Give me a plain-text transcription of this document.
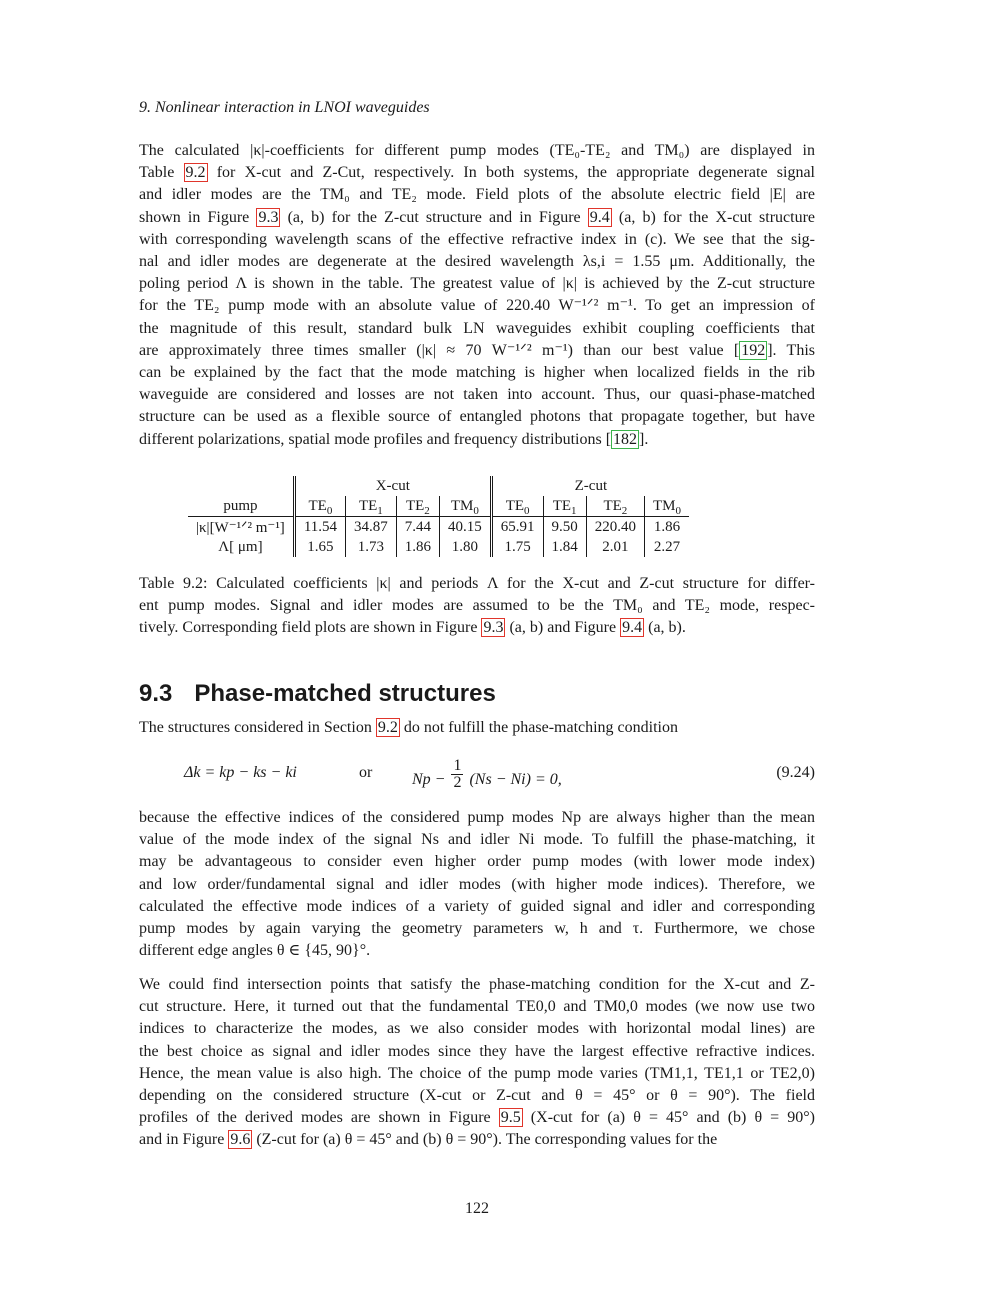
9. Nonlinear interaction in LNOI waveguides
The calculated |κ|-coefficients for different pump modes (TE₀-TE₂ and TM₀) are displayed in
Table 9.2 for X-cut and Z-Cut, respectively. In both systems, the appropriate degenerate signal
and idler modes are the TM₀ and TE₂ mode. Field plots of the absolute electric field |E| are
shown in Figure 9.3 (a, b) for the Z-cut structure and in Figure 9.4 (a, b) for the X-cut structure
with corresponding wavelength scans of the effective refractive index in (c). We see that the sig-
nal and idler modes are degenerate at the desired wavelength λs,i = 1.55 μm. Additionally, the
poling period Λ is shown in the table. The greatest value of |κ| is achieved by the Z-cut structure
for the TE₂ pump mode with an absolute value of 220.40 W⁻¹ᐟ² m⁻¹. To get an impression of
the magnitude of this result, standard bulk LN waveguides exhibit coupling coefficients that
are approximately three times smaller (|κ| ≈ 70 W⁻¹ᐟ² m⁻¹) than our best value [ 192 ]. This
can be explained by the fact that the mode matching is higher when localized fields in the rib
waveguide are considered and losses are not taken into account. Thus, our quasi-phase-matched
structure can be used as a flexible source of entangled photons that propagate together, but have
different polarizations, spatial mode profiles and frequency distributions [ 182 ].
	X-cut				Z-cut			
pump	$TE_0$	$TE_1$	$TE_2$	$TM_0$	$TE_0$	$TE_1$	$TE_2$	$TM_0$
|κ|[W⁻¹ᐟ² m⁻¹]	11.54	34.87	7.44	40.15	65.91	9.50	220.40	1.86
Λ[ μm]	1.65	1.73	1.86	1.80	1.75	1.84	2.01	2.27
Table 9.2: Calculated coefficients |κ| and periods Λ for the X-cut and Z-cut structure for differ-
ent pump modes. Signal and idler modes are assumed to be the TM₀ and TE₂ mode, respec-
tively. Corresponding field plots are shown in Figure 9.3 (a, b) and Figure 9.4 (a, b).
9.3 Phase-matched structures
The structures considered in Section 9.2 do not fulfill the phase-matching condition
Δk = kp − ks − ki	or $Np - \frac{1}{2} (Ns - Ni) = 0$,	(9.24)
because the effective indices of the considered pump modes Np are always higher than the mean
value of the mode index of the signal Ns and idler Ni mode. To fulfill the phase-matching, it
may be advantageous to consider even higher order pump modes (with lower mode index)
and low order/fundamental signal and idler modes (with higher mode indices). Therefore, we
calculated the effective mode indices of a variety of guided signal and idler and corresponding
pump modes by again varying the geometry parameters w, h and τ. Furthermore, we chose
different edge angles θ ∈ {45, 90}°.
We could find intersection points that satisfy the phase-matching condition for the X-cut and Z-
cut structure. Here, it turned out that the fundamental TE0,0 and TM0,0 modes (we now use two
indices to characterize the modes, as we also consider modes with horizontal modal lines) are
the best choice as signal and idler modes since they have the largest effective refractive indices.
Hence, the mean value is also high. The choice of the pump mode varies (TM1,1, TE1,1 or TE2,0)
depending on the considered structure (X-cut or Z-cut and θ = 45° or θ = 90°). The field
profiles of the derived modes are shown in Figure 9.5 (X-cut for (a) θ = 45° and (b) θ = 90°)
and in Figure 9.6 (Z-cut for (a) θ = 45° and (b) θ = 90°). The corresponding values for the
122
